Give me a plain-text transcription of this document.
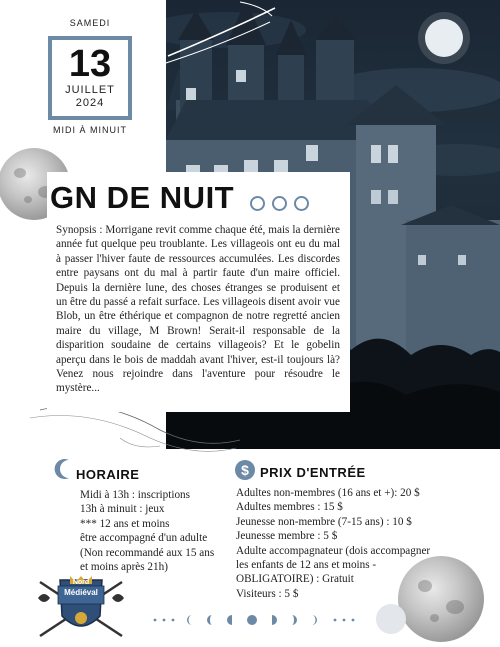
SAMEDI
13
JUILLET
2024
MIDI À MINUIT
GN DE NUIT
Synopsis : Morrigane revit comme chaque été, mais la dernière année fut quelque peu troublante. Les villageois ont eu du mal à passer l'hiver faute de ressources accumulées. Les discordes entre paysans ont du mal à partir faute d'un maire officiel. Depuis la dernière lune, des choses étranges se produisent et un être du passé a refait surface. Les villageois disent avoir vue Blob, un être éthérique et compagnon de notre regretté ancien maire du village, M Brown! Serait-il responsable de la disparition soudaine de certains villageois? Et le gobelin aperçu dans le bois de maddah avant l'hiver, est-il toujours là? Venez nous rejoindre dans l'aventure pour résoudre le mystère...
HORAIRE
Midi à 13h : inscriptions
13h à minuit : jeux
*** 12 ans et moins
être accompagné d'un adulte
(Non recommandé aux 15 ans
et moins après 21h)
$ PRIX D'ENTRÉE
Adultes non-membres (16 ans et +): 20 $
Adultes membres : 15 $
Jeunesse non-membre (7-15 ans) : 10 $
Jeunesse membre : 5 $
Adulte accompagnateur (dois accompagner
les enfants de 12 ans et moins -
OBLIGATOIRE) : Gratuit
Visiteurs : 5 $
Nord
Médiéval
